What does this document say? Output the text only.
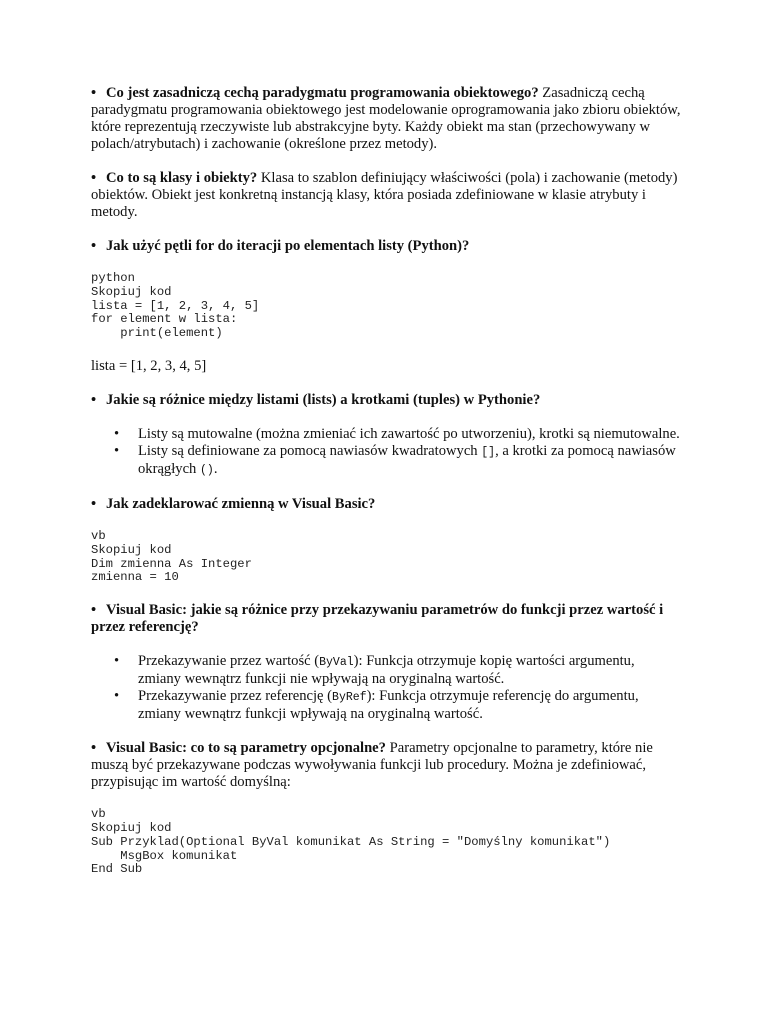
• Co jest zasadniczą cechą paradygmatu programowania obiektowego? Zasadniczą cechą paradygmatu programowania obiektowego jest modelowanie oprogramowania jako zbioru obiektów, które reprezentują rzeczywiste lub abstrakcyjne byty. Każdy obiekt ma stan (przechowywany w polach/atrybutach) i zachowanie (określone przez metody).

• Co to są klasy i obiekty? Klasa to szablon definiujący właściwości (pola) i zachowanie (metody) obiektów. Obiekt jest konkretną instancją klasy, która posiada zdefiniowane w klasie atrybuty i metody.

• Jak użyć pętli for do iteracji po elementach listy (Python)?

python
Skopiuj kod
lista = [1, 2, 3, 4, 5]
for element w lista:
print(element)

lista = [1, 2, 3, 4, 5]

• Jakie są różnice między listami (lists) a krotkami (tuples) w Pythonie?

• Listy są mutowalne (można zmieniać ich zawartość po utworzeniu), krotki są niemutowalne.
• Listy są definiowane za pomocą nawiasów kwadratowych [], a krotki za pomocą nawiasów okrągłych ().

• Jak zadeklarować zmienną w Visual Basic?

vb
Skopiuj kod
Dim zmienna As Integer
zmienna = 10

• Visual Basic: jakie są różnice przy przekazywaniu parametrów do funkcji przez wartość i przez referencję?

• Przekazywanie przez wartość (ByVal): Funkcja otrzymuje kopię wartości argumentu, zmiany wewnątrz funkcji nie wpływają na oryginalną wartość.
• Przekazywanie przez referencję (ByRef): Funkcja otrzymuje referencję do argumentu, zmiany wewnątrz funkcji wpływają na oryginalną wartość.

• Visual Basic: co to są parametry opcjonalne? Parametry opcjonalne to parametry, które nie muszą być przekazywane podczas wywoływania funkcji lub procedury. Można je zdefiniować, przypisując im wartość domyślną:

vb
Skopiuj kod
Sub Przyklad(Optional ByVal komunikat As String = "Domyślny komunikat")
MsgBox komunikat
End Sub
